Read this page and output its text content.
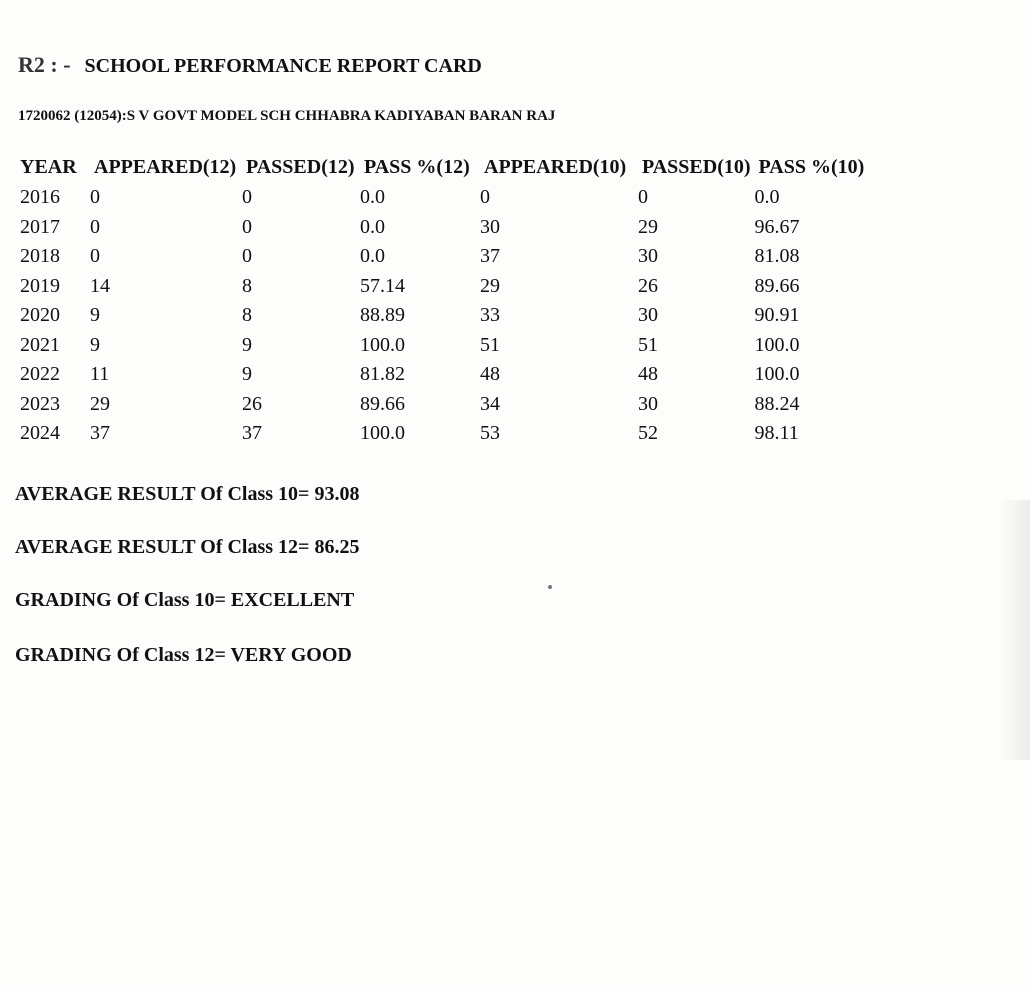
R2 : - SCHOOL PERFORMANCE REPORT CARD
1720062 (12054):S V GOVT MODEL SCH CHHABRA KADIYABAN BARAN RAJ
YEAR	APPEARED(12)	PASSED(12)	PASS %(12)	APPEARED(10)	PASSED(10)	PASS %(10)
2016	0	0	0.0	0	0	0.0
2017	0	0	0.0	30	29	96.67
2018	0	0	0.0	37	30	81.08
2019	14	8	57.14	29	26	89.66
2020	9	8	88.89	33	30	90.91
2021	9	9	100.0	51	51	100.0
2022	11	9	81.82	48	48	100.0
2023	29	26	89.66	34	30	88.24
2024	37	37	100.0	53	52	98.11
AVERAGE RESULT Of Class 10= 93.08
AVERAGE RESULT Of Class 12= 86.25
GRADING Of Class 10= EXCELLENT
GRADING Of Class 12= VERY GOOD
